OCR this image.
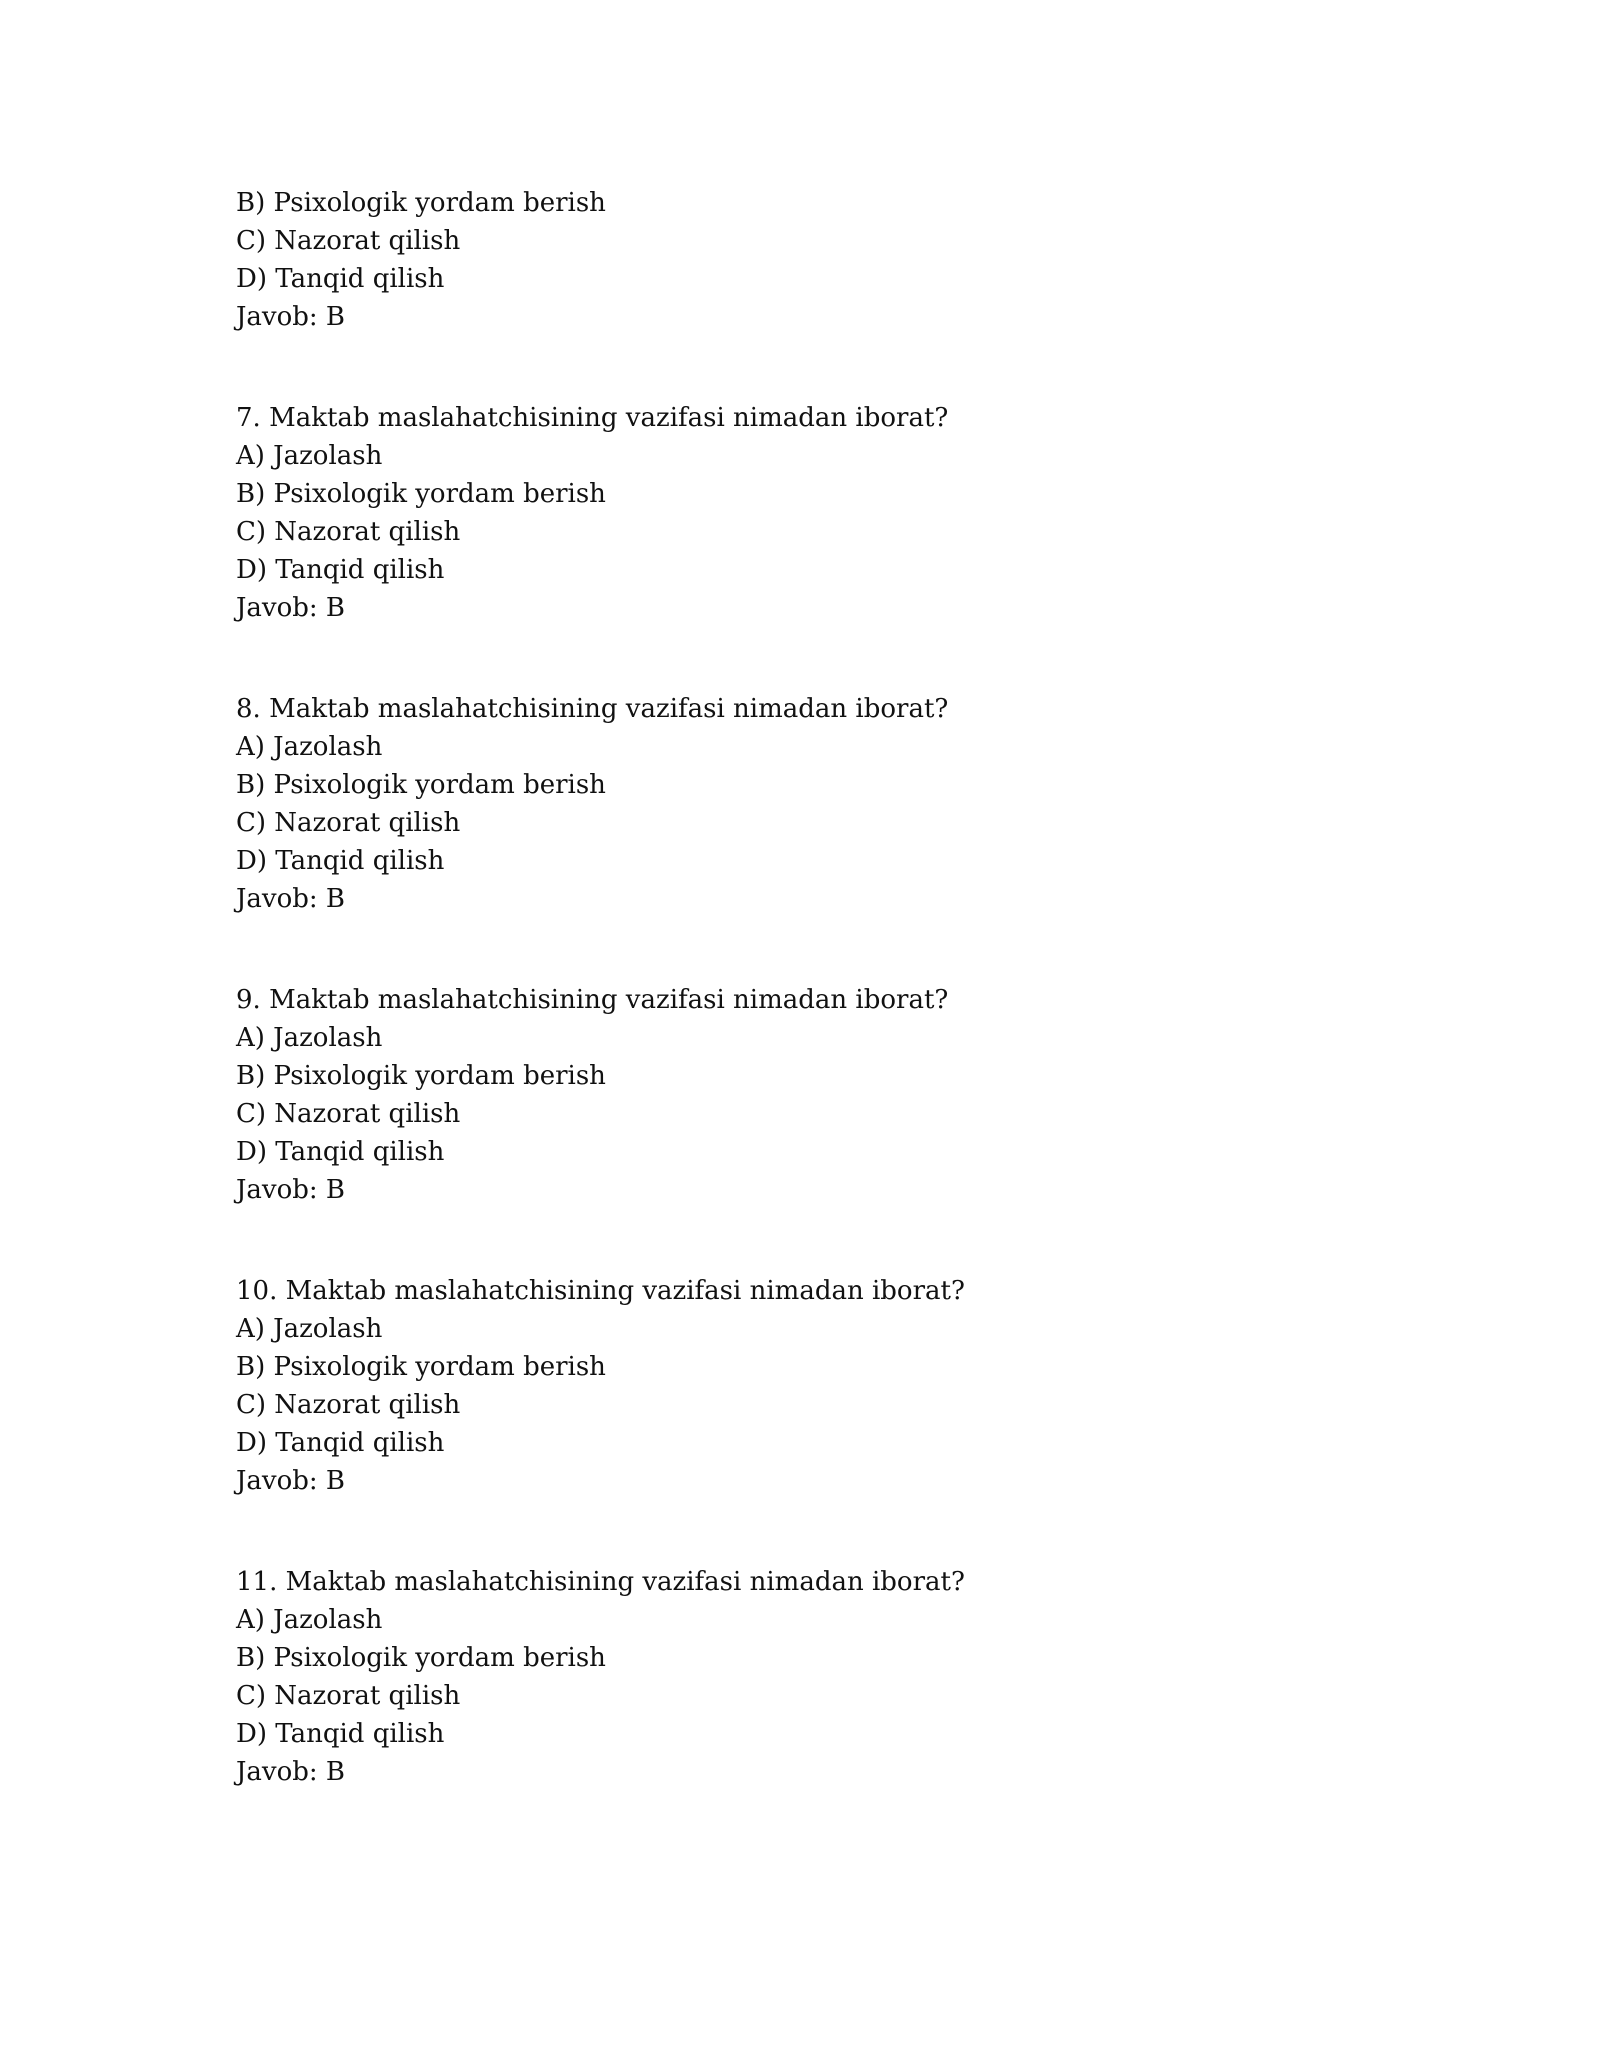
B) Psixologik yordam berish
C) Nazorat qilish
D) Tanqid qilish
Javob: B
7. Maktab maslahatchisining vazifasi nimadan iborat?
A) Jazolash
B) Psixologik yordam berish
C) Nazorat qilish
D) Tanqid qilish
Javob: B
8. Maktab maslahatchisining vazifasi nimadan iborat?
A) Jazolash
B) Psixologik yordam berish
C) Nazorat qilish
D) Tanqid qilish
Javob: B
9. Maktab maslahatchisining vazifasi nimadan iborat?
A) Jazolash
B) Psixologik yordam berish
C) Nazorat qilish
D) Tanqid qilish
Javob: B
10. Maktab maslahatchisining vazifasi nimadan iborat?
A) Jazolash
B) Psixologik yordam berish
C) Nazorat qilish
D) Tanqid qilish
Javob: B
11. Maktab maslahatchisining vazifasi nimadan iborat?
A) Jazolash
B) Psixologik yordam berish
C) Nazorat qilish
D) Tanqid qilish
Javob: B
